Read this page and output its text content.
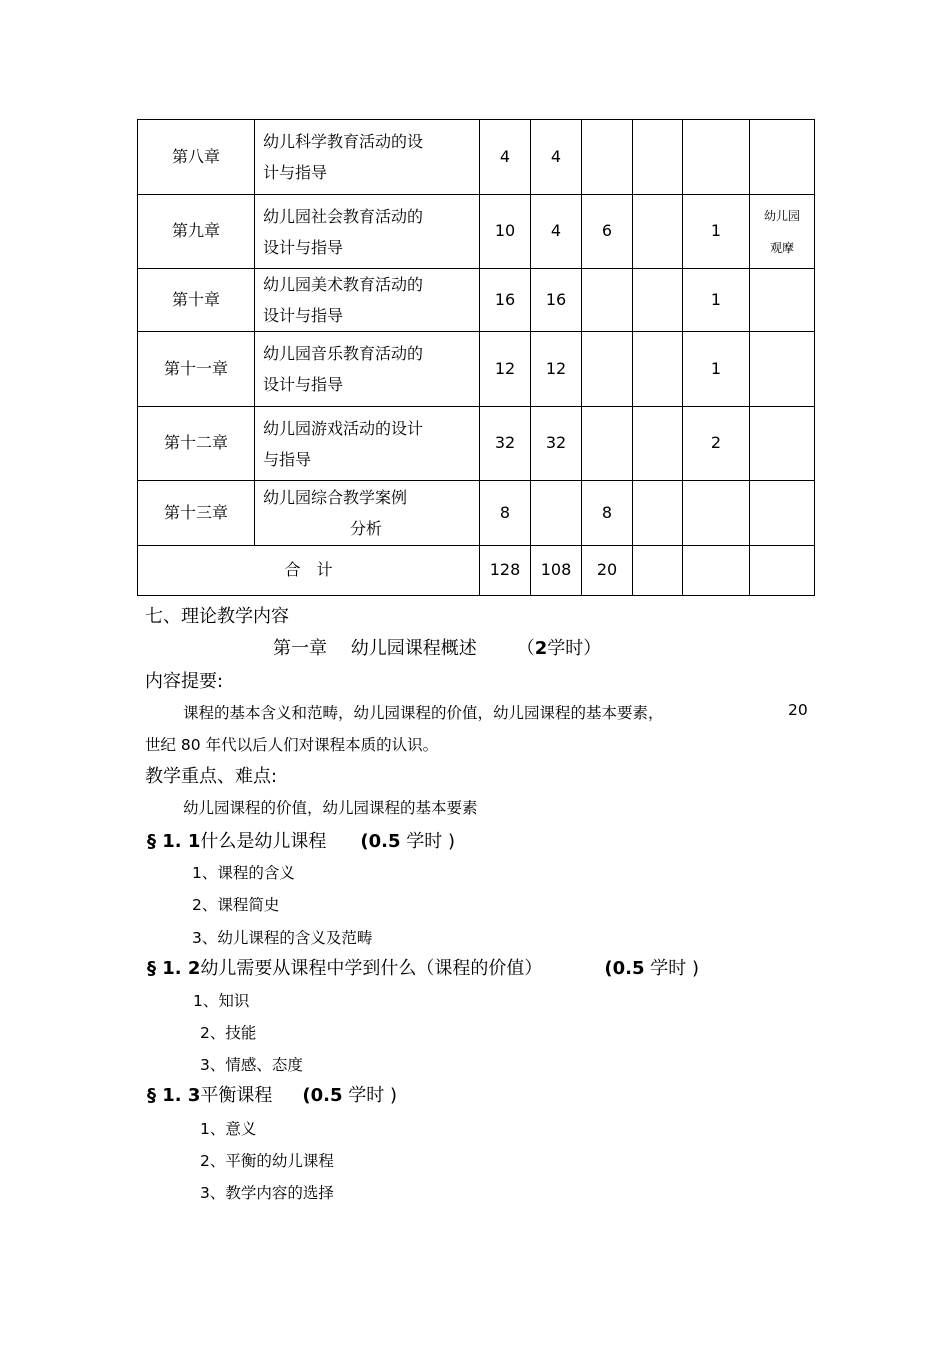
第八章	幼儿科学教育活动的设
计与指导	4	4				

第九章	幼儿园社会教育活动的
设计与指导	10	4	6		1	幼儿园
观摩
第十章	幼儿园美术教育活动的
设计与指导	16	16			1	

第十一章	幼儿园音乐教育活动的
设计与指导	12	12			1	

第十二章	幼儿园游戏活动的设计
与指导	32	32			2	

第十三章	幼儿园综合教学案例
分析	8		8			

合　计		128	108	20			
七、理论教学内容
第一章　 幼儿园课程概述 （2学时）
内容提要:
课程的基本含义和范畴，幼儿园课程的价值，幼儿园课程的基本要素，	20
世纪 80 年代以后人们对课程本质的认识。
教学重点、难点:
幼儿园课程的价值，幼儿园课程的基本要素
§ 1. 1什么是幼儿课程 (0.5 学时 )
1、课程的含义
2、课程简史
3、幼儿课程的含义及范畴
§ 1. 2幼儿需要从课程中学到什么（课程的价值）	(0.5 学时 )
1、知识
2、技能
3、情感、态度
§ 1. 3平衡课程 (0.5 学时 )
1、意义
2、平衡的幼儿课程
3、教学内容的选择
